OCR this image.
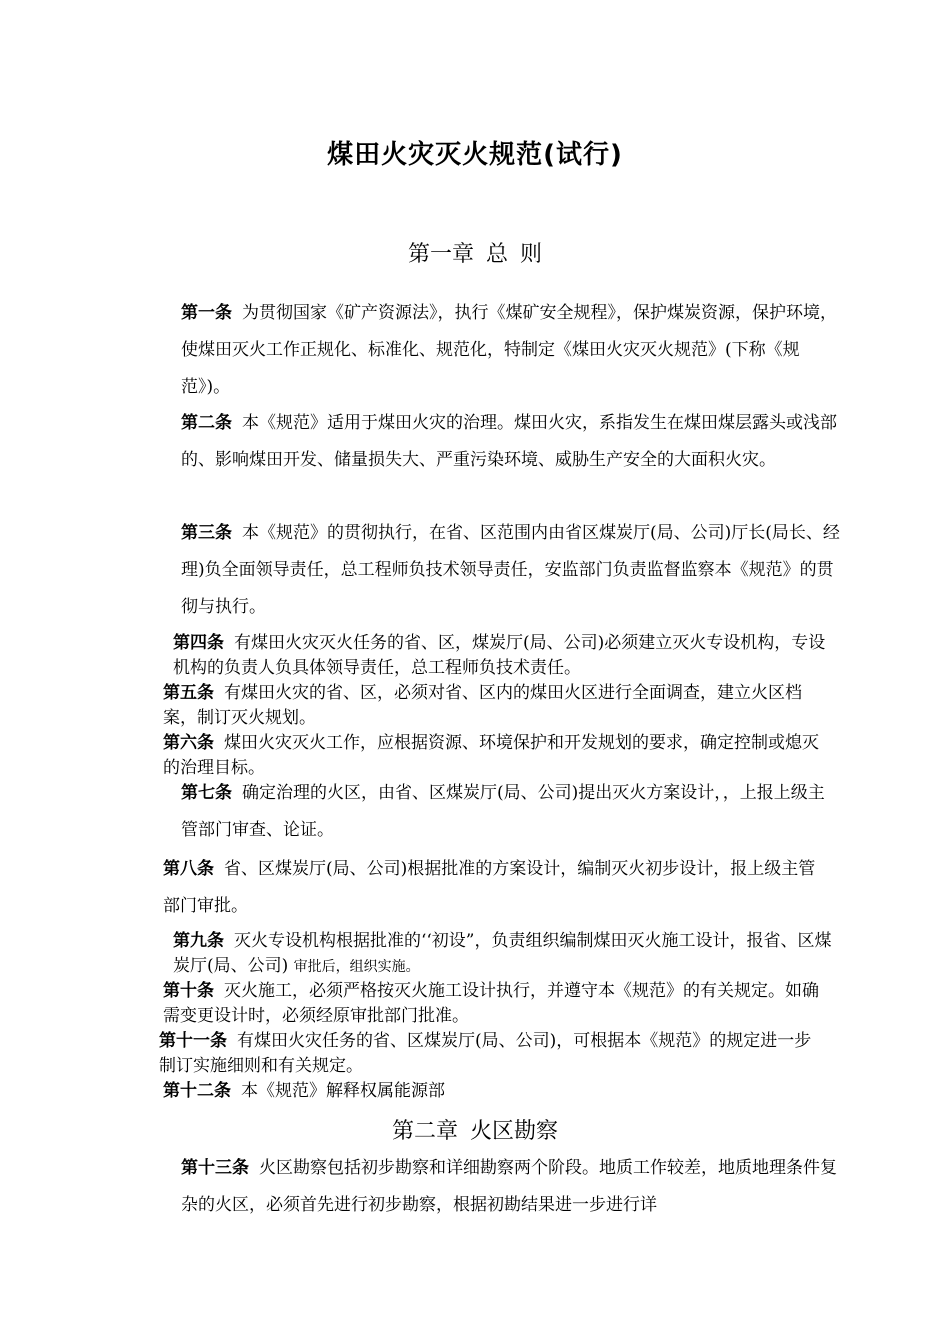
煤田火灾灭火规范(试行)
第一章 总 则
第一条 为贯彻国家《矿产资源法》，执行《煤矿安全规程》，保护煤炭资源，保护环境，使煤田灭火工作正规化、标准化、规范化，特制定《煤田火灾灭火规范》(下称《规范》)。
第二条 本《规范》适用于煤田火灾的治理。煤田火灾，系指发生在煤田煤层露头或浅部的、影响煤田开发、储量损失大、严重污染环境、威胁生产安全的大面积火灾。
第三条 本《规范》的贯彻执行，在省、区范围内由省区煤炭厅(局、公司)厅长(局长、经理)负全面领导责任，总工程师负技术领导责任，安监部门负责监督监察本《规范》的贯彻与执行。
第四条 有煤田火灾灭火任务的省、区，煤炭厅(局、公司)必须建立灭火专设机构，专设机构的负责人负具体领导责任，总工程师负技术责任。
第五条 有煤田火灾的省、区，必须对省、区内的煤田火区进行全面调查，建立火区档案，制订灭火规划。
第六条 煤田火灾灭火工作，应根据资源、环境保护和开发规划的要求，确定控制或熄灭的治理目标。
第七条 确定治理的火区，由省、区煤炭厅(局、公司)提出灭火方案设计，，上报上级主管部门审查、论证。
第八条 省、区煤炭厅(局、公司)根据批准的方案设计，编制灭火初步设计，报上级主管部门审批。
第九条 灭火专设机构根据批准的‘‘初设”，负责组织编制煤田灭火施工设计，报省、区煤炭厅(局、公司) 审批后，组织实施。
第十条 灭火施工，必须严格按灭火施工设计执行，并遵守本《规范》的有关规定。如确需变更设计时，必须经原审批部门批准。
第十一条 有煤田火灾任务的省、区煤炭厅(局、公司)，可根据本《规范》的规定进一步制订实施细则和有关规定。
第十二条 本《规范》解释权属能源部
第二章 火区勘察
第十三条 火区勘察包括初步勘察和详细勘察两个阶段。地质工作较差，地质地理条件复杂的火区，必须首先进行初步勘察，根据初勘结果进一步进行详
